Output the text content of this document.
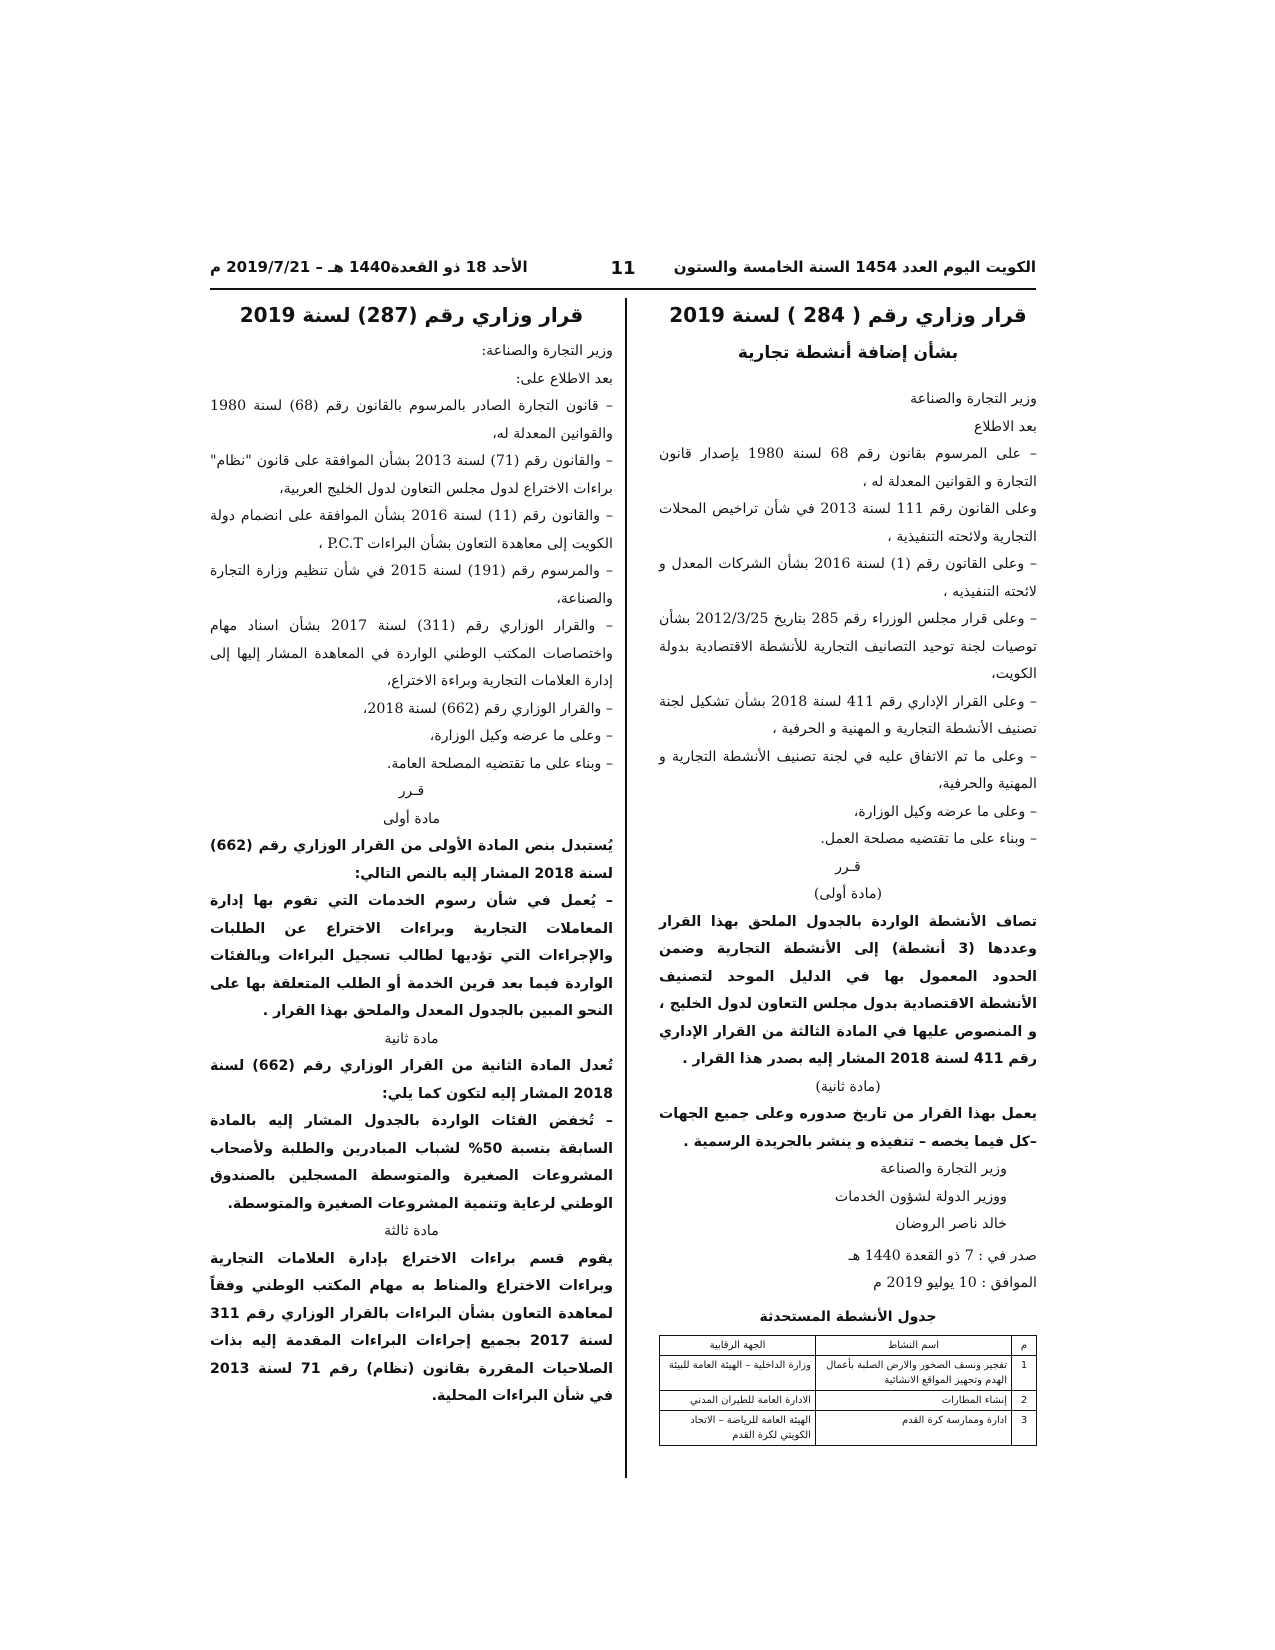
الكويت اليوم العدد 1454 السنة الخامسة والستون
11
الأحد 18 ذو القعدة1440 هـ – 2019/7/21 م

قرار وزاري رقم ( 284 ) لسنة 2019

بشأن إضافة أنشطة تجارية

وزير التجارة والصناعة

بعد الاطلاع

– على المرسوم بقانون رقم 68 لسنة 1980 بإصدار قانون التجارة و القوانين المعدلة له ،

وعلى القانون رقم 111 لسنة 2013 في شأن تراخيص المحلات التجارية ولائحته التنفيذية ،

– وعلى القانون رقم (1) لسنة 2016 بشأن الشركات المعدل و لائحته التنفيذيه ،

– وعلى قرار مجلس الوزراء رقم 285 بتاريخ 2012/3/25 بشأن توصيات لجنة توحيد التصانيف التجارية للأنشطة الاقتصادية بدولة الكويت،

– وعلى القرار الإداري رقم 411 لسنة 2018 بشأن تشكيل لجنة تصنيف الأنشطة التجارية و المهنية و الحرفية ،

– وعلى ما تم الاتفاق عليه في لجنة تصنيف الأنشطة التجارية و المهنية والحرفية،

– وعلى ما عرضه وكيل الوزارة،

– وبناء على ما تقتضيه مصلحة العمل.

قـرر

(مادة أولى)

تصاف الأنشطة الواردة بالجدول الملحق بهذا القرار وعددها (3 أنشطة) إلى الأنشطة التجارية وضمن الحدود المعمول بها في الدليل الموحد لتصنيف الأنشطة الاقتصادية بدول مجلس التعاون لدول الخليج ، و المنصوص عليها في المادة الثالثة من القرار الإداري رقم 411 لسنة 2018 المشار إليه بصدر هذا القرار .

(مادة ثانية)

يعمل بهذا القرار من تاريخ صدوره وعلى جميع الجهات –كل فيما يخصه – تنفيذه و ينشر بالجريدة الرسمية .

وزير التجارة والصناعة

ووزير الدولة لشؤون الخدمات

خالد ناصر الروضان

صدر في : 7 ذو القعدة 1440 هـ

الموافق : 10 يوليو 2019 م

جدول الأنشطة المستحدثة

م	اسم النشاط	الجهة الرقابية
1	تفجير ونسف الصخور والارض الصلبة بأعمال الهدم وتجهيز المواقع الانشائية	وزارة الداخلية – الهيئة العامة للبيئة
2	إنشاء المطارات	الادارة العامة للطيران المدني
3	ادارة وممارسة كرة القدم	الهيئة العامة للرياضة – الاتحاد الكويتي لكرة القدم

قرار وزاري رقم (287) لسنة 2019

وزير التجارة والصناعة:

بعد الاطلاع على:

– قانون التجارة الصادر بالمرسوم بالقانون رقم (68) لسنة 1980 والقوانين المعدلة له،

– والقانون رقم (71) لسنة 2013 بشأن الموافقة على قانون "نظام" براءات الاختراع لدول مجلس التعاون لدول الخليج العربية،

– والقانون رقم (11) لسنة 2016 بشأن الموافقة على انضمام دولة الكويت إلى معاهدة التعاون بشأن البراءات P.C.T ،

– والمرسوم رقم (191) لسنة 2015 في شأن تنظيم وزارة التجارة والصناعة،

– والقرار الوزاري رقم (311) لسنة 2017 بشأن اسناد مهام واختصاصات المكتب الوطني الواردة في المعاهدة المشار إليها إلى إدارة العلامات التجارية وبراءة الاختراع،

– والقرار الوزاري رقم (662) لسنة 2018،

– وعلى ما عرضه وكيل الوزارة،

– وبناء على ما تقتضيه المصلحة العامة.

قـرر

مادة أولى

يُستبدل بنص المادة الأولى من القرار الوزاري رقم (662) لسنة 2018 المشار إليه بالنص التالي:

– يُعمل في شأن رسوم الخدمات التي تقوم بها إدارة المعاملات التجارية وبراءات الاختراع عن الطلبات والإجراءات التي تؤديها لطالب تسجيل البراءات وبالفئات الواردة فيما بعد قرين الخدمة أو الطلب المتعلقة بها على النحو المبين بالجدول المعدل والملحق بهذا القرار .

مادة ثانية

تُعدل المادة الثانية من القرار الوزاري رقم (662) لسنة 2018 المشار إليه لتكون كما يلي:

– تُخفض الفئات الواردة بالجدول المشار إليه بالمادة السابقة بنسبة 50% لشباب المبادرين والطلبة ولأصحاب المشروعات الصغيرة والمتوسطة المسجلين بالصندوق الوطني لرعاية وتنمية المشروعات الصغيرة والمتوسطة.

مادة ثالثة

يقوم قسم براءات الاختراع بإدارة العلامات التجارية وبراءات الاختراع والمناط به مهام المكتب الوطني وفقاً لمعاهدة التعاون بشأن البراءات بالقرار الوزاري رقم 311 لسنة 2017 بجميع إجراءات البراءات المقدمة إليه بذات الصلاحيات المقررة بقانون (نظام) رقم 71 لسنة 2013 في شأن البراءات المحلية.
